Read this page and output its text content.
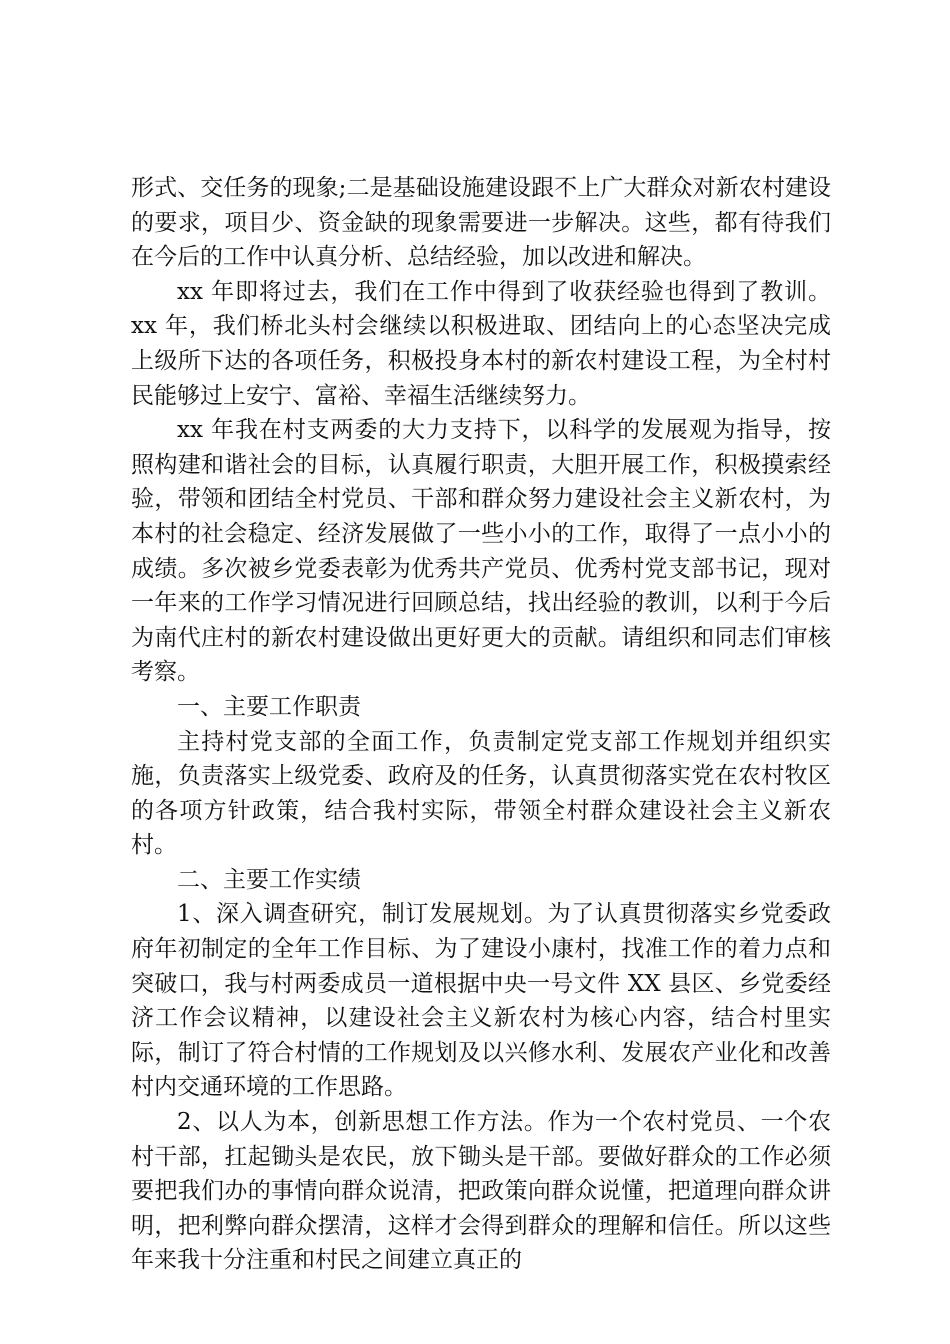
形式、交任务的现象;二是基础设施建设跟不上广大群众对新农村建设的要求，项目少、资金缺的现象需要进一步解决。这些，都有待我们在今后的工作中认真分析、总结经验，加以改进和解决。

xx 年即将过去，我们在工作中得到了收获经验也得到了教训。xx 年，我们桥北头村会继续以积极进取、团结向上的心态坚决完成上级所下达的各项任务，积极投身本村的新农村建设工程，为全村村民能够过上安宁、富裕、幸福生活继续努力。

xx 年我在村支两委的大力支持下，以科学的发展观为指导，按照构建和谐社会的目标，认真履行职责，大胆开展工作，积极摸索经验，带领和团结全村党员、干部和群众努力建设社会主义新农村，为本村的社会稳定、经济发展做了一些小小的工作，取得了一点小小的成绩。多次被乡党委表彰为优秀共产党员、优秀村党支部书记，现对一年来的工作学习情况进行回顾总结，找出经验的教训，以利于今后为南代庄村的新农村建设做出更好更大的贡献。请组织和同志们审核考察。

一、主要工作职责

主持村党支部的全面工作，负责制定党支部工作规划并组织实施，负责落实上级党委、政府及的任务，认真贯彻落实党在农村牧区的各项方针政策，结合我村实际，带领全村群众建设社会主义新农村。

二、主要工作实绩

1、深入调查研究，制订发展规划。为了认真贯彻落实乡党委政府年初制定的全年工作目标、为了建设小康村，找准工作的着力点和突破口，我与村两委成员一道根据中央一号文件 XX 县区、乡党委经济工作会议精神，以建设社会主义新农村为核心内容，结合村里实际，制订了符合村情的工作规划及以兴修水利、发展农产业化和改善村内交通环境的工作思路。

2、以人为本，创新思想工作方法。作为一个农村党员、一个农村干部，扛起锄头是农民，放下锄头是干部。要做好群众的工作必须要把我们办的事情向群众说清，把政策向群众说懂，把道理向群众讲明，把利弊向群众摆清，这样才会得到群众的理解和信任。所以这些年来我十分注重和村民之间建立真正的
